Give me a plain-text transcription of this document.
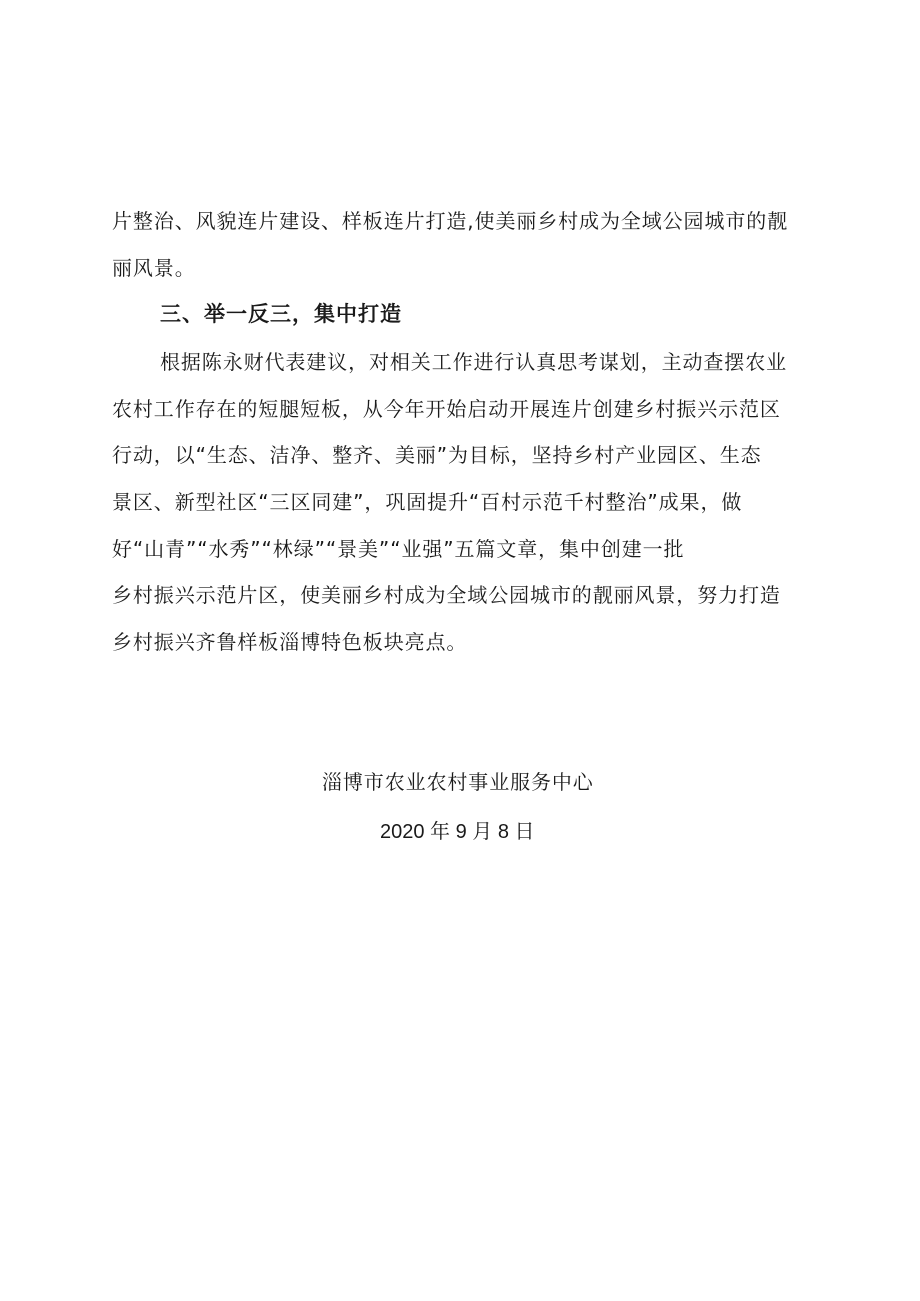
片整治、风貌连片建设、样板连片打造,使美丽乡村成为全域公园城市的靓
丽风景。
三、举一反三，集中打造
根据陈永财代表建议，对相关工作进行认真思考谋划，主动查摆农业
农村工作存在的短腿短板，从今年开始启动开展连片创建乡村振兴示范区
行动，以“生态、洁净、整齐、美丽”为目标，坚持乡村产业园区、生态
景区、新型社区“三区同建”，巩固提升“百村示范千村整治”成果，做
好“山青”“水秀”“林绿”“景美”“业强”五篇文章，集中创建一批
乡村振兴示范片区，使美丽乡村成为全域公园城市的靓丽风景，努力打造
乡村振兴齐鲁样板淄博特色板块亮点。
淄博市农业农村事业服务中心
2020 年 9 月 8 日
